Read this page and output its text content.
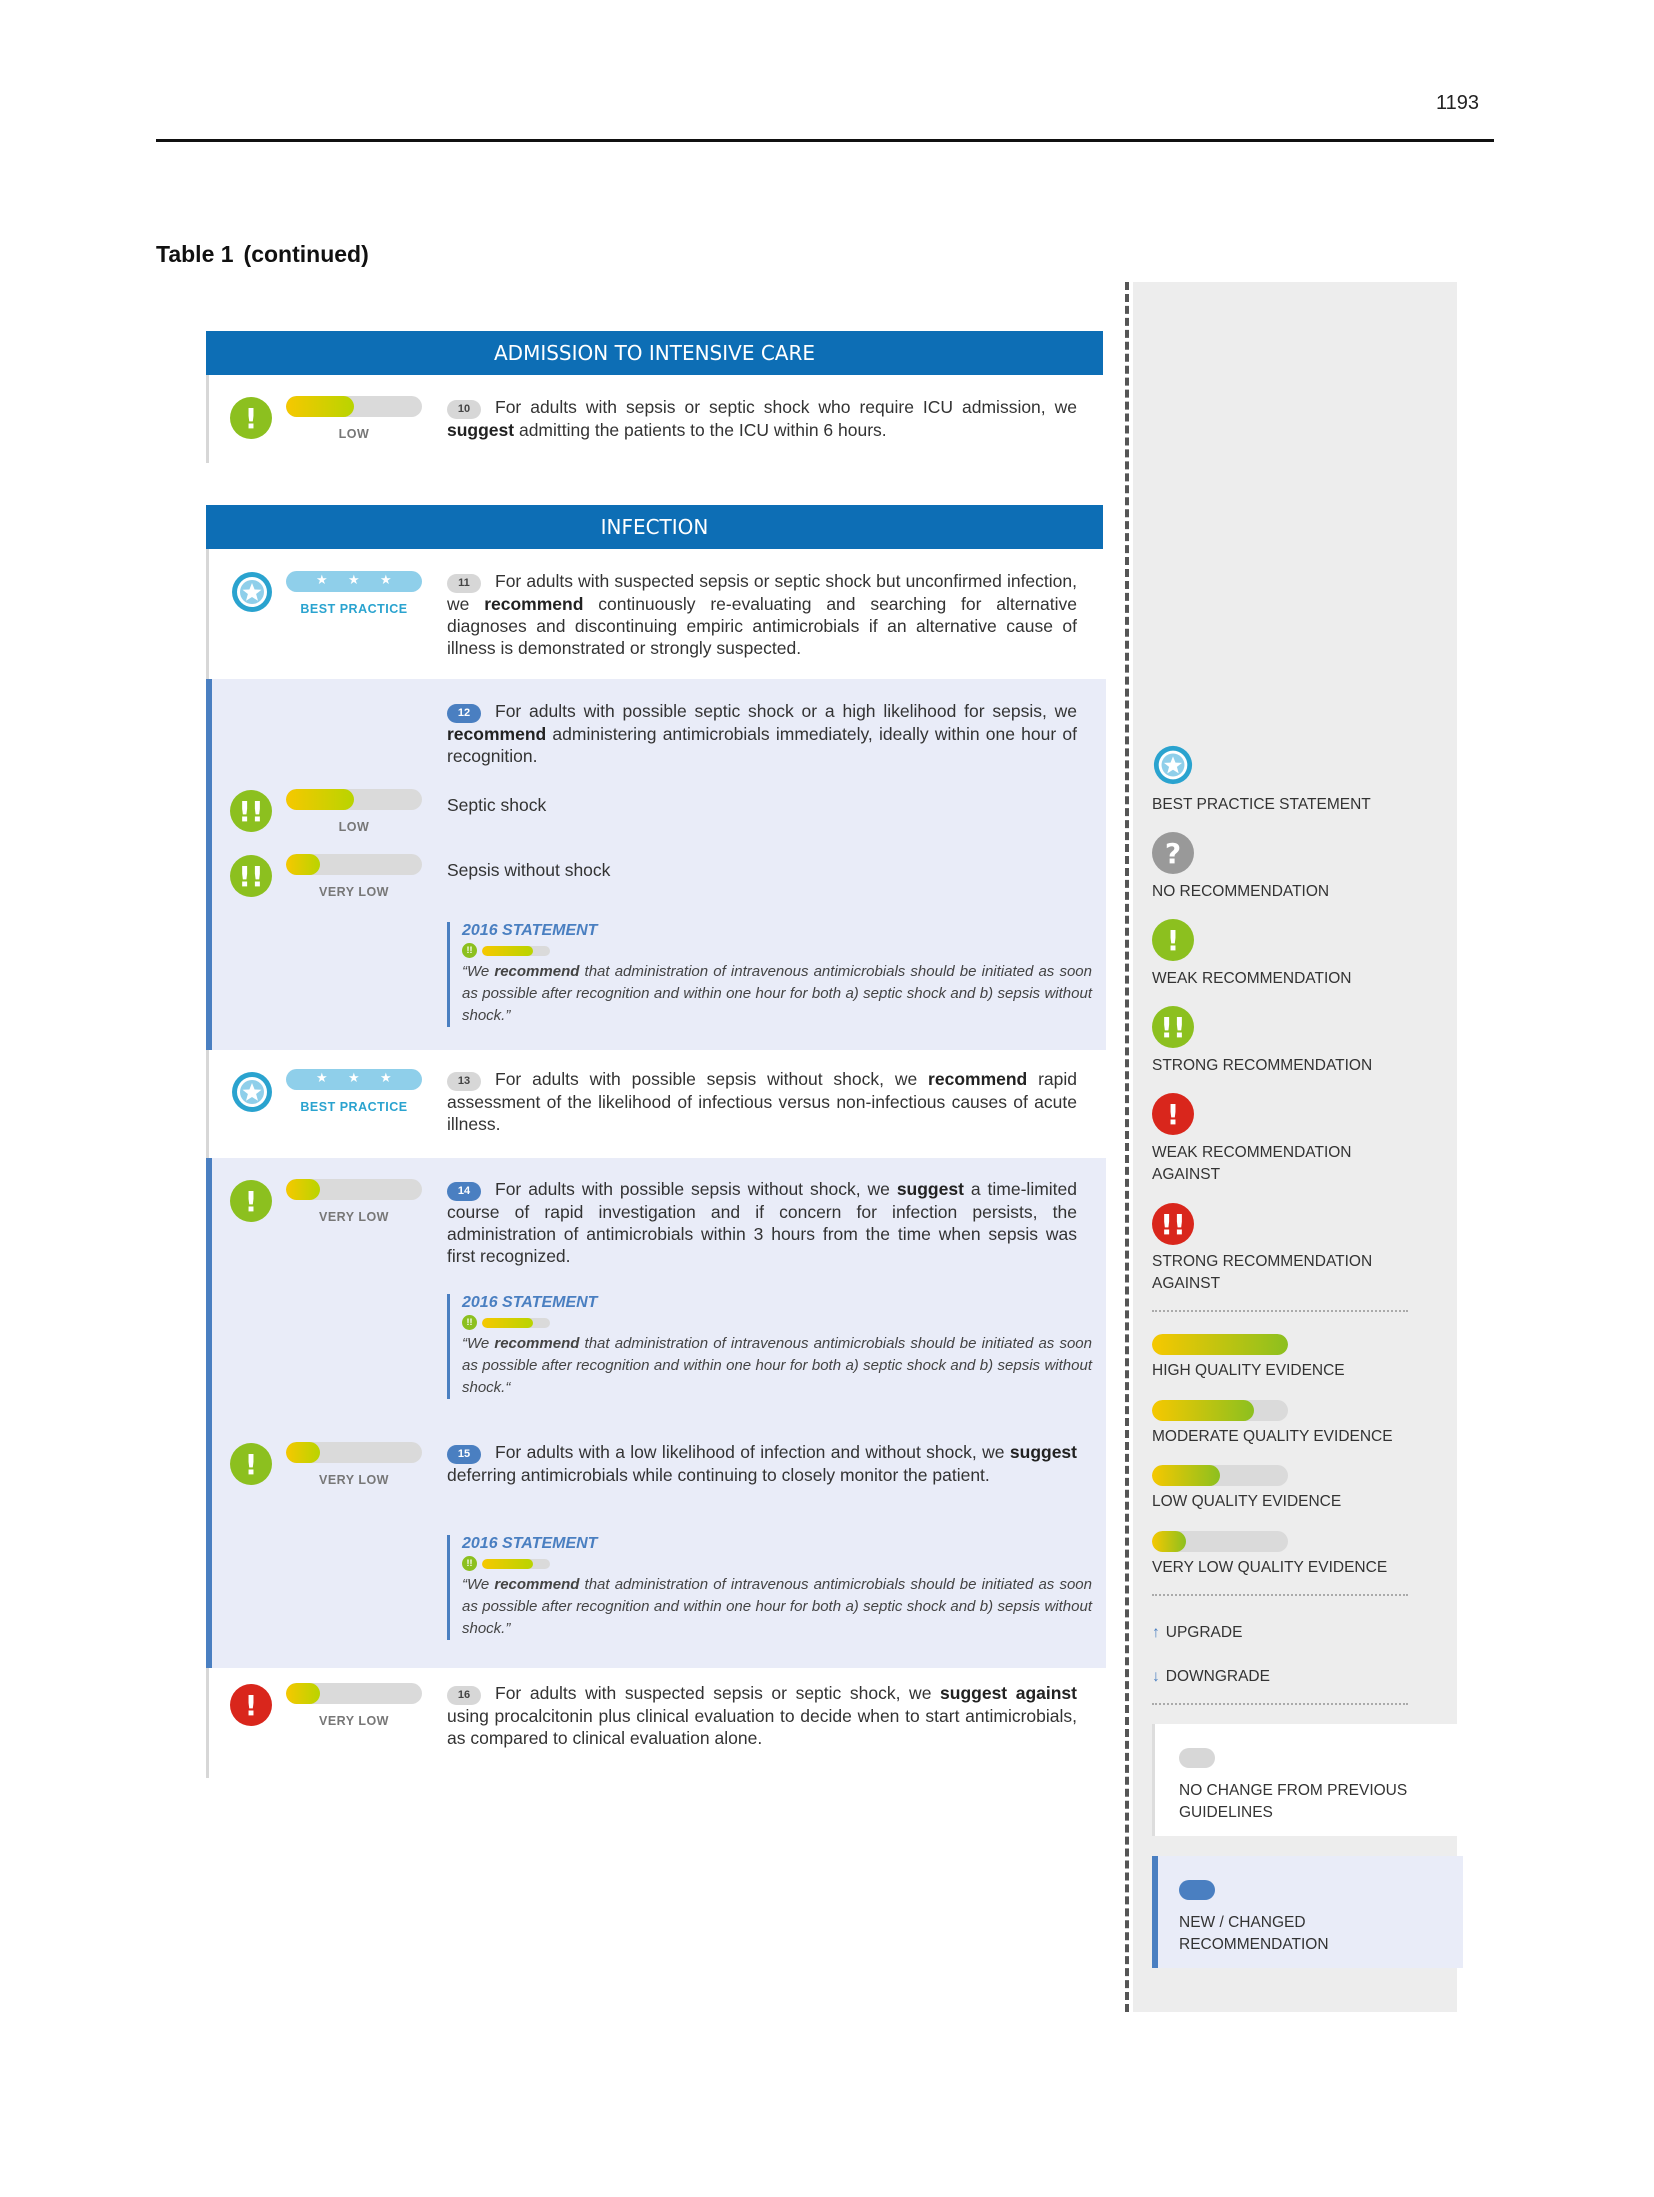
1193
Table 1 (continued)
ADMISSION TO INTENSIVE CARE
!	LOW
10 For adults with sepsis or septic shock who require ICU admission, we suggest admitting the patients to the ICU within 6 hours.
INFECTION
★ ★ ★
BEST PRACTICE
11 For adults with suspected sepsis or septic shock but unconfirmed infection, we recommend continuously re-evaluating and searching for alternative diagnoses and discontinuing empiric antimicrobials if an alternative cause of illness is demonstrated or strongly suspected.
12 For adults with possible septic shock or a high likelihood for sepsis, we recommend administering antimicrobials immediately, ideally within one hour of recognition.
!!	LOW
Septic shock
!!	VERY LOW
Sepsis without shock
2016 STATEMENT
!!
“We recommend that administration of intravenous antimicrobials should be initiated as soon as possible after recognition and within one hour for both a) septic shock and b) sepsis without shock.”
★ ★ ★
BEST PRACTICE
13 For adults with possible sepsis without shock, we recommend rapid assessment of the likelihood of infectious versus non-infectious causes of acute illness.
!	VERY LOW
14 For adults with possible sepsis without shock, we suggest a time-limited course of rapid investigation and if concern for infection persists, the administration of antimicrobials within 3 hours from the time when sepsis was first recognized.
2016 STATEMENT
!!
“We recommend that administration of intravenous antimicrobials should be initiated as soon as possible after recognition and within one hour for both a) septic shock and b) sepsis without shock.“
!	VERY LOW
15 For adults with a low likelihood of infection and without shock, we suggest deferring antimicrobials while continuing to closely monitor the patient.
2016 STATEMENT
!!
“We recommend that administration of intravenous antimicrobials should be initiated as soon as possible after recognition and within one hour for both a) septic shock and b) sepsis without shock.”
!	VERY LOW
16 For adults with suspected sepsis or septic shock, we suggest against using procalcitonin plus clinical evaluation to decide when to start antimicrobials, as compared to clinical evaluation alone.
BEST PRACTICE STATEMENT
?
NO RECOMMENDATION
!
WEAK RECOMMENDATION
!!
STRONG RECOMMENDATION
!
WEAK RECOMMENDATION AGAINST
!!
STRONG RECOMMENDATION AGAINST
HIGH QUALITY EVIDENCE
MODERATE QUALITY EVIDENCE
LOW QUALITY EVIDENCE
VERY LOW QUALITY EVIDENCE
↑ UPGRADE
↓ DOWNGRADE
NO CHANGE FROM PREVIOUS GUIDELINES
NEW / CHANGED RECOMMENDATION
